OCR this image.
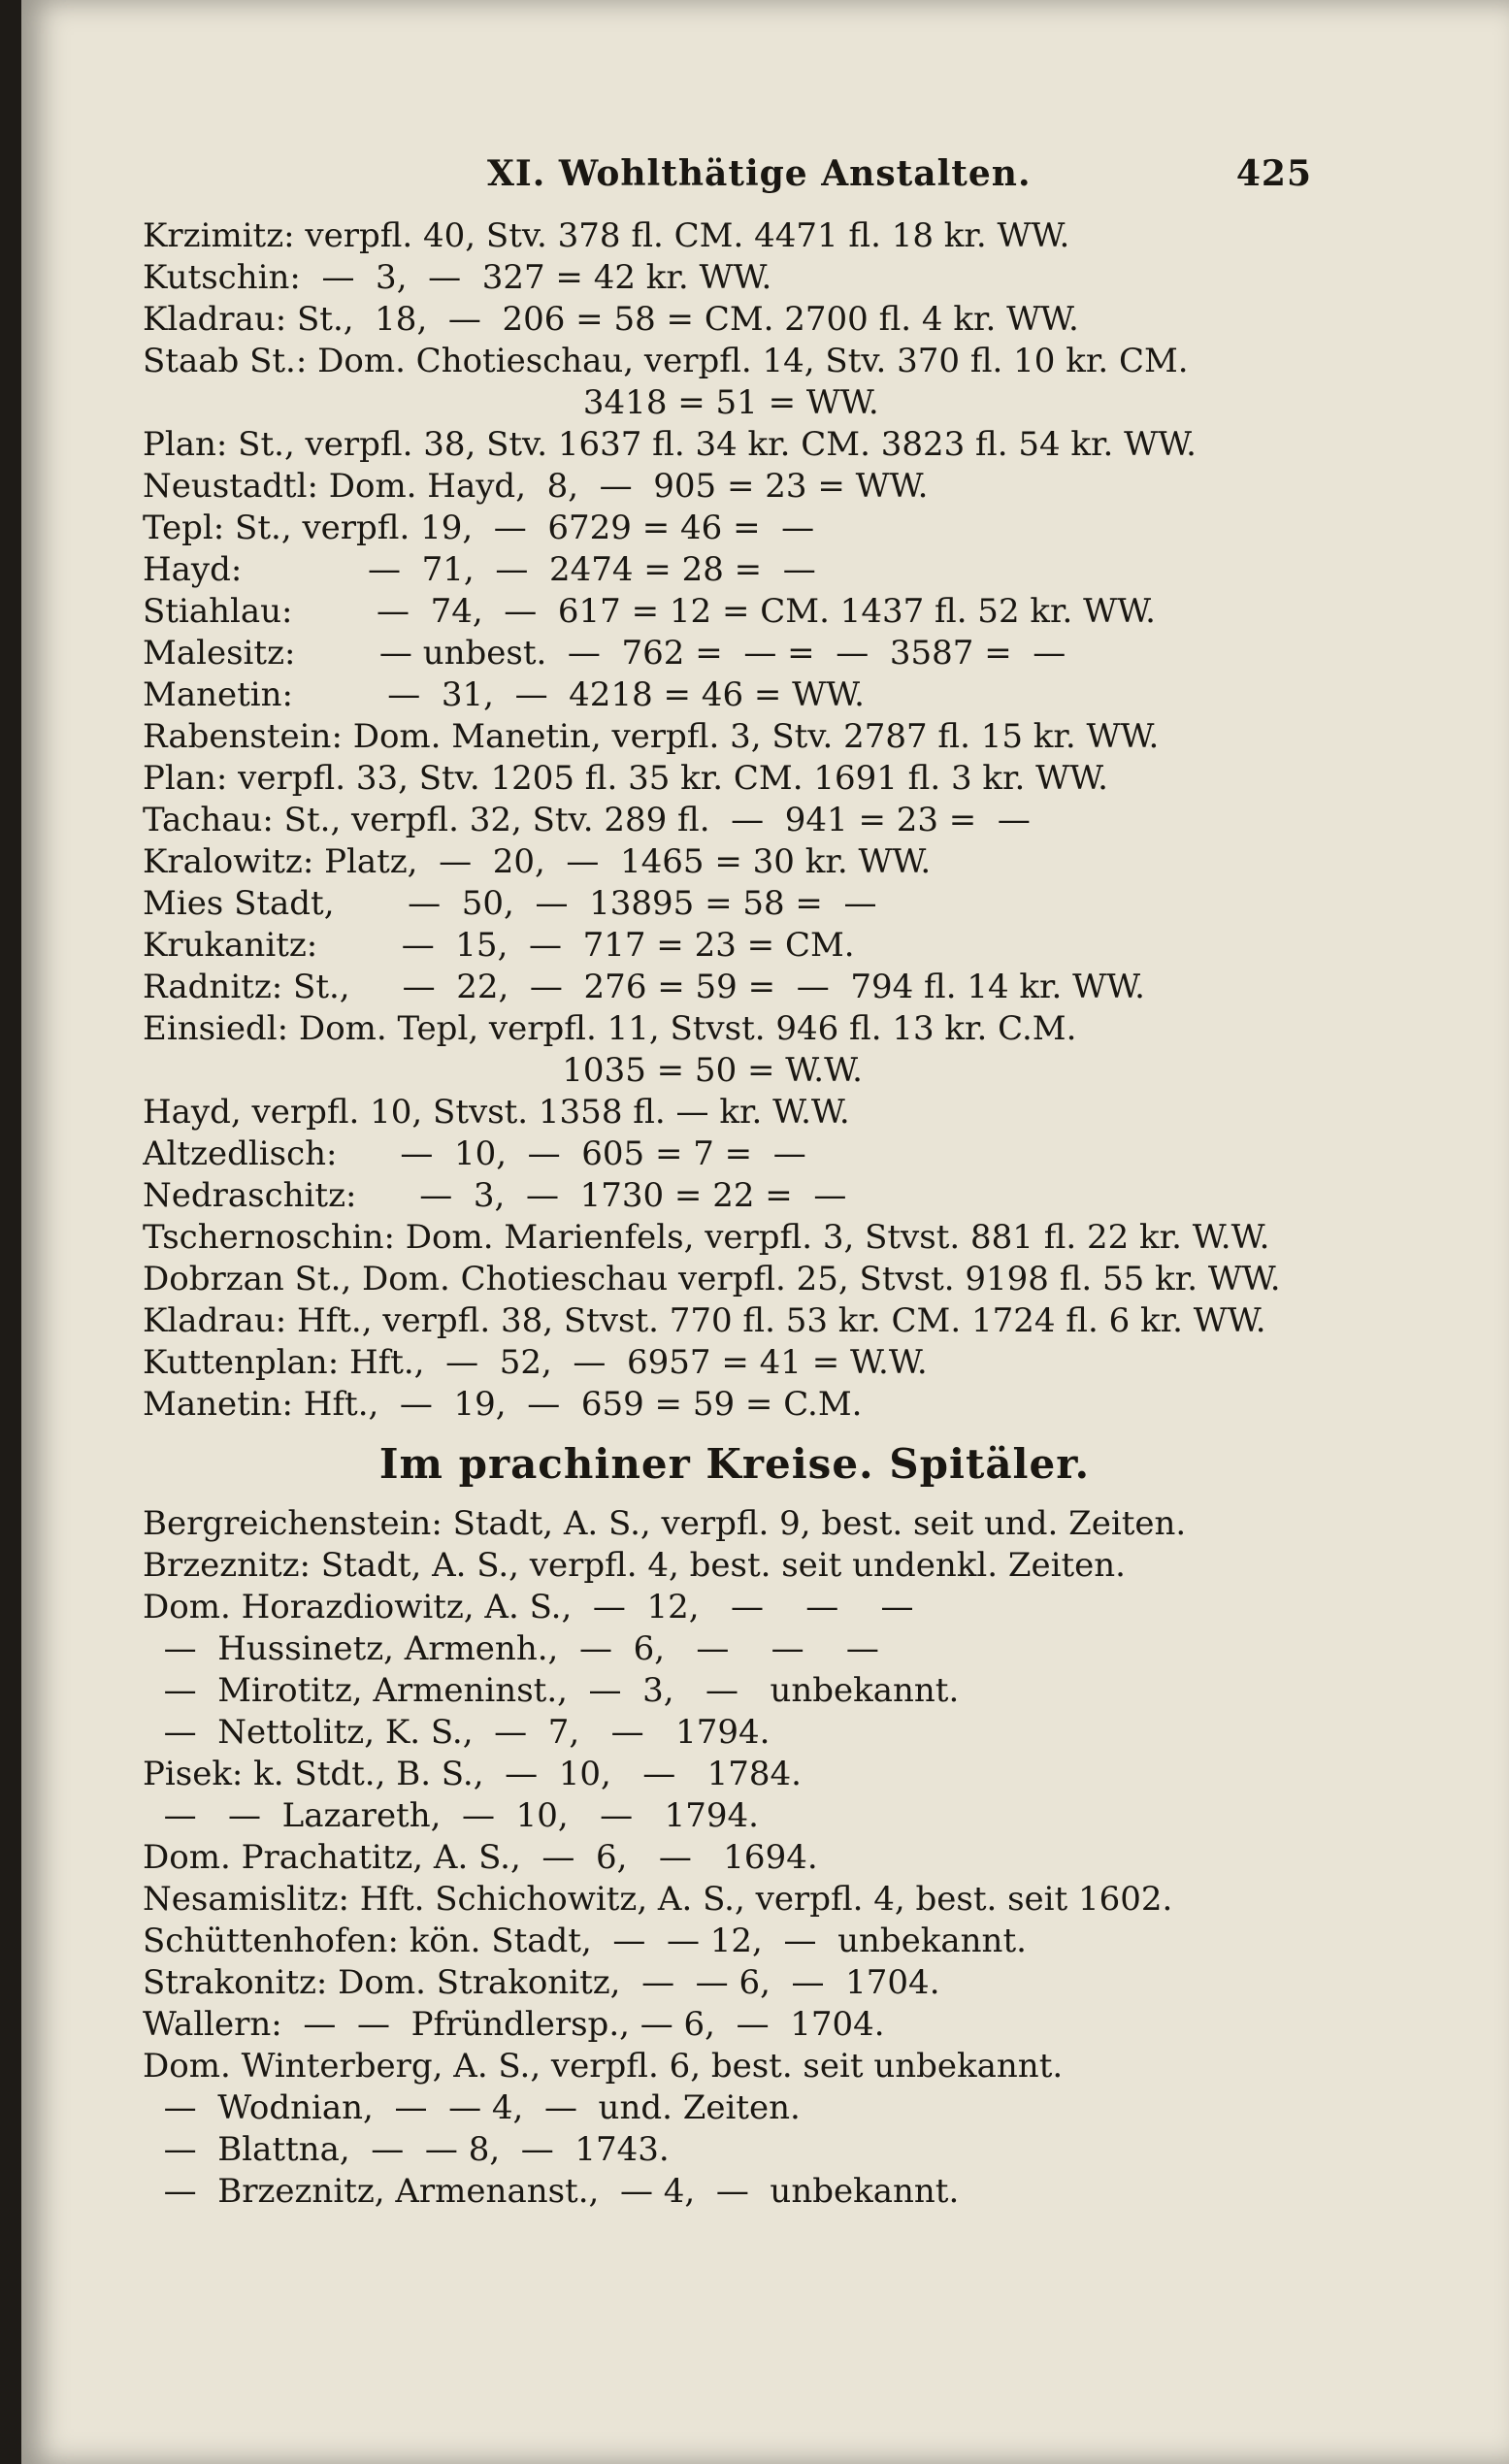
XI. Wohlthätige Anstalten.	425
Krzimitz: verpfl. 40, Stv. 378 fl. CM. 4471 fl. 18 kr. WW.
Kutschin:  —  3,  —  327 = 42 kr. WW.
Kladrau: St.,  18,  —  206 = 58 = CM. 2700 fl. 4 kr. WW.
Staab St.: Dom. Chotieschau, verpfl. 14, Stv. 370 fl. 10 kr. CM.
3418 = 51 = WW.
Plan: St., verpfl. 38, Stv. 1637 fl. 34 kr. CM. 3823 fl. 54 kr. WW.
Neustadtl: Dom. Hayd,  8,  —  905 = 23 = WW.
Tepl: St., verpfl. 19,  —  6729 = 46 =  —
Hayd:            —  71,  —  2474 = 28 =  —
Stiahlau:        —  74,  —  617 = 12 = CM. 1437 fl. 52 kr. WW.
Malesitz:        — unbest.  —  762 =  — =  —  3587 =  —
Manetin:         —  31,  —  4218 = 46 = WW.
Rabenstein: Dom. Manetin, verpfl. 3, Stv. 2787 fl. 15 kr. WW.
Plan: verpfl. 33, Stv. 1205 fl. 35 kr. CM. 1691 fl. 3 kr. WW.
Tachau: St., verpfl. 32, Stv. 289 fl.  —  941 = 23 =  —
Kralowitz: Platz,  —  20,  —  1465 = 30 kr. WW.
Mies Stadt,       —  50,  —  13895 = 58 =  —
Krukanitz:        —  15,  —  717 = 23 = CM.
Radnitz: St.,     —  22,  —  276 = 59 =  —  794 fl. 14 kr. WW.
Einsiedl: Dom. Tepl, verpfl. 11, Stvst. 946 fl. 13 kr. C.M.
1035 = 50 = W.W.
Hayd, verpfl. 10, Stvst. 1358 fl. — kr. W.W.
Altzedlisch:      —  10,  —  605 = 7 =  —
Nedraschitz:      —  3,  —  1730 = 22 =  —
Tschernoschin: Dom. Marienfels, verpfl. 3, Stvst. 881 fl. 22 kr. W.W.
Dobrzan St., Dom. Chotieschau verpfl. 25, Stvst. 9198 fl. 55 kr. WW.
Kladrau: Hft., verpfl. 38, Stvst. 770 fl. 53 kr. CM. 1724 fl. 6 kr. WW.
Kuttenplan: Hft.,  —  52,  —  6957 = 41 = W.W.
Manetin: Hft.,  —  19,  —  659 = 59 = C.M.
Im prachiner Kreise. Spitäler.
Bergreichenstein: Stadt, A. S., verpfl. 9, best. seit und. Zeiten.
Brzeznitz: Stadt, A. S., verpfl. 4, best. seit undenkl. Zeiten.
Dom. Horazdiowitz, A. S.,  —  12,   —    —    —
—  Hussinetz, Armenh.,  —  6,   —    —    —
—  Mirotitz, Armeninst.,  —  3,   —   unbekannt.
—  Nettolitz, K. S.,  —  7,   —   1794.
Pisek: k. Stdt., B. S.,  —  10,   —   1784.
—   —  Lazareth,  —  10,   —   1794.
Dom. Prachatitz, A. S.,  —  6,   —   1694.
Nesamislitz: Hft. Schichowitz, A. S., verpfl. 4, best. seit 1602.
Schüttenhofen: kön. Stadt,  —  — 12,  —  unbekannt.
Strakonitz: Dom. Strakonitz,  —  — 6,  —  1704.
Wallern:  —  —  Pfründlersp., — 6,  —  1704.
Dom. Winterberg, A. S., verpfl. 6, best. seit unbekannt.
—  Wodnian,  —  — 4,  —  und. Zeiten.
—  Blattna,  —  — 8,  —  1743.
—  Brzeznitz, Armenanst.,  — 4,  —  unbekannt.
